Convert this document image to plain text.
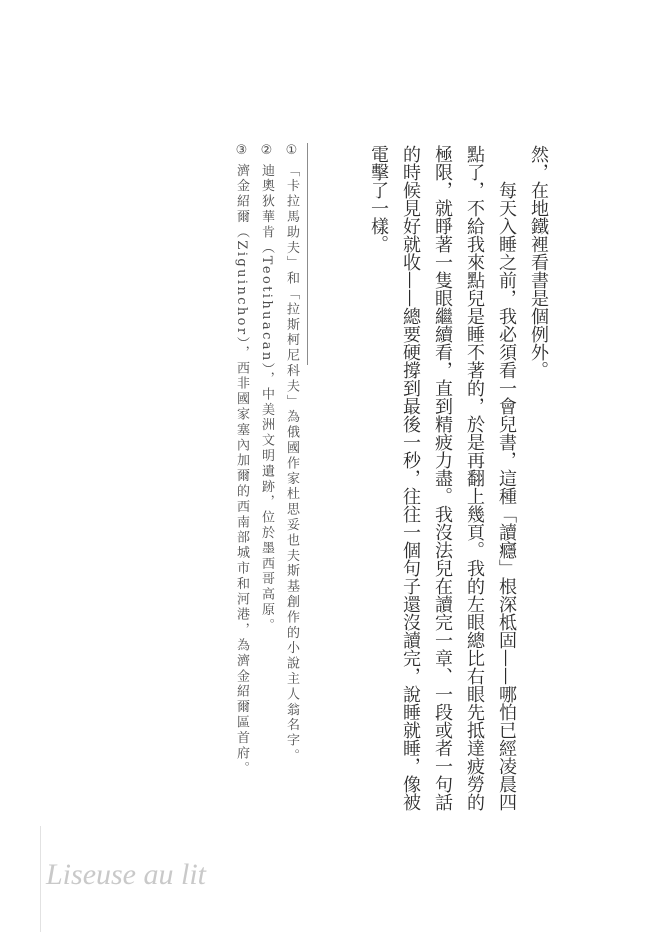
然，在地鐵裡看書是個例外。
每天入睡之前，我必須看一會兒書，這種「讀癮」根深柢固——哪怕已經凌晨四
點了，不給我來點兒是睡不著的，於是再翻上幾頁。我的左眼總比右眼先抵達疲勞的
極限，就睜著一隻眼繼續看，直到精疲力盡。我沒法兒在讀完一章、一段或者一句話
的時候見好就收——總要硬撐到最後一秒，往往一個句子還沒讀完，說睡就睡，像被
電擊了一樣。
①「卡拉馬助夫」和「拉斯柯尼科夫」為俄國作家杜思妥也夫斯基創作的小說主人翁名字。
②迪奧狄華肯（Teotihuacan），中美洲文明遺跡，位於墨西哥高原。
③濟金紹爾（Ziguinchor），西非國家塞內加爾的西南部城市和河港，為濟金紹爾區首府。
Liseuse au lit
